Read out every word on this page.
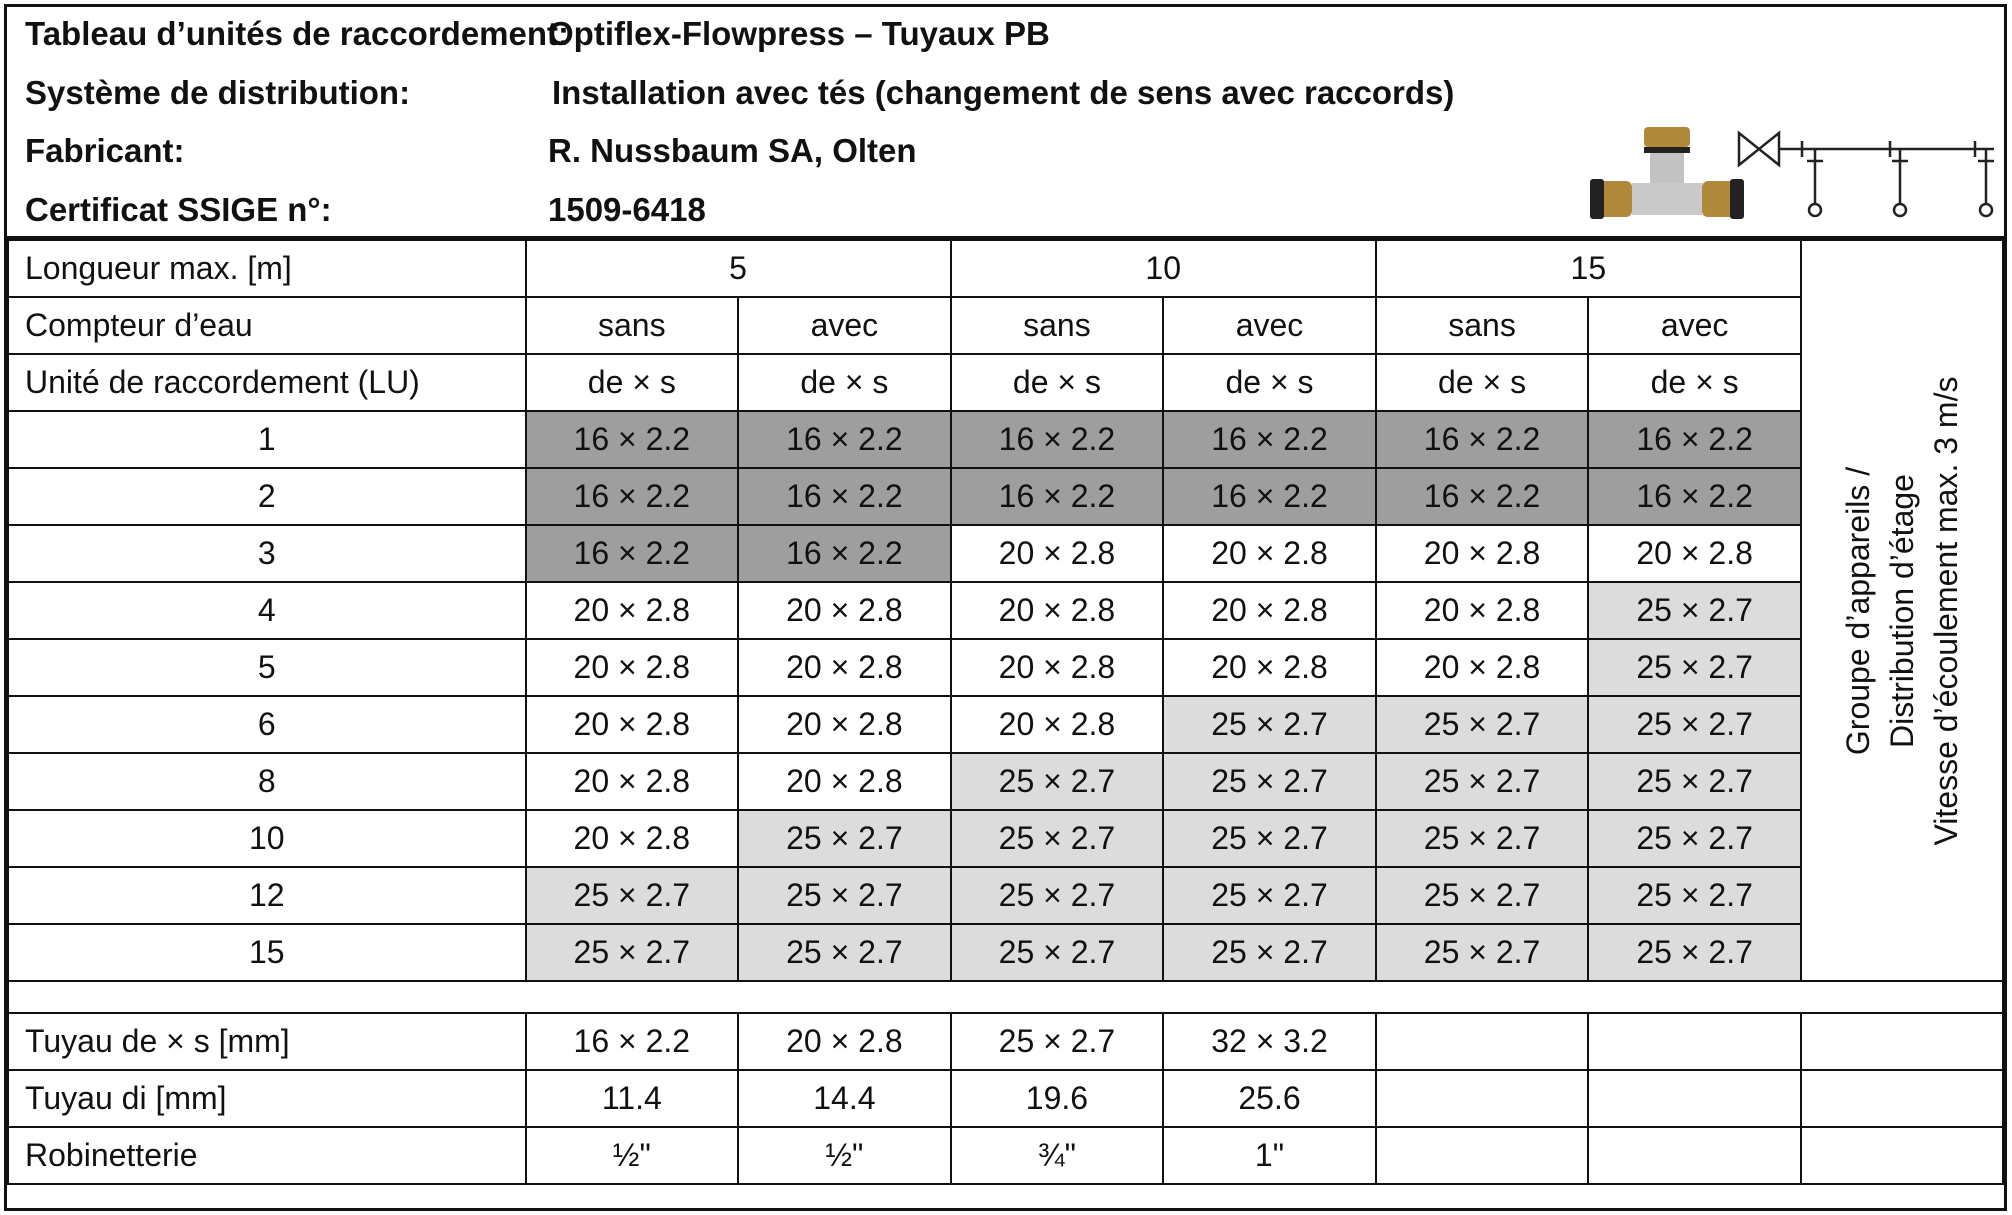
Tableau d’unités de raccordement:
Optiflex-Flowpress – Tuyaux PB
Système de distribution:	Installation avec tés (changement de sens avec raccords)
Fabricant:	R. Nussbaum SA, Olten
Certificat SSIGE n°:	1509-6418
Longueur max. [m]	5		10		15		Groupe d’appareils / Distribution d’étage Vitesse d’écoulement max. 3 m/s

Compteur d’eau	sans	avec	sans	avec	sans	avec	
Unité de raccordement (LU)	de × s	de × s	de × s	de × s	de × s	de × s	
1	16 × 2.2	16 × 2.2	16 × 2.2	16 × 2.2	16 × 2.2	16 × 2.2	
2	16 × 2.2	16 × 2.2	16 × 2.2	16 × 2.2	16 × 2.2	16 × 2.2	
3	16 × 2.2	16 × 2.2	20 × 2.8	20 × 2.8	20 × 2.8	20 × 2.8	
4	20 × 2.8	20 × 2.8	20 × 2.8	20 × 2.8	20 × 2.8	25 × 2.7	
5	20 × 2.8	20 × 2.8	20 × 2.8	20 × 2.8	20 × 2.8	25 × 2.7	
6	20 × 2.8	20 × 2.8	20 × 2.8	25 × 2.7	25 × 2.7	25 × 2.7	
8	20 × 2.8	20 × 2.8	25 × 2.7	25 × 2.7	25 × 2.7	25 × 2.7	
10	20 × 2.8	25 × 2.7	25 × 2.7	25 × 2.7	25 × 2.7	25 × 2.7	
12	25 × 2.7	25 × 2.7	25 × 2.7	25 × 2.7	25 × 2.7	25 × 2.7	
15	25 × 2.7	25 × 2.7	25 × 2.7	25 × 2.7	25 × 2.7	25 × 2.7	

Tuyau de × s [mm]	16 × 2.2	20 × 2.8	25 × 2.7	32 × 3.2			
Tuyau di [mm]	11.4	14.4	19.6	25.6			
Robinetterie	½"	½"	¾"	1"			
